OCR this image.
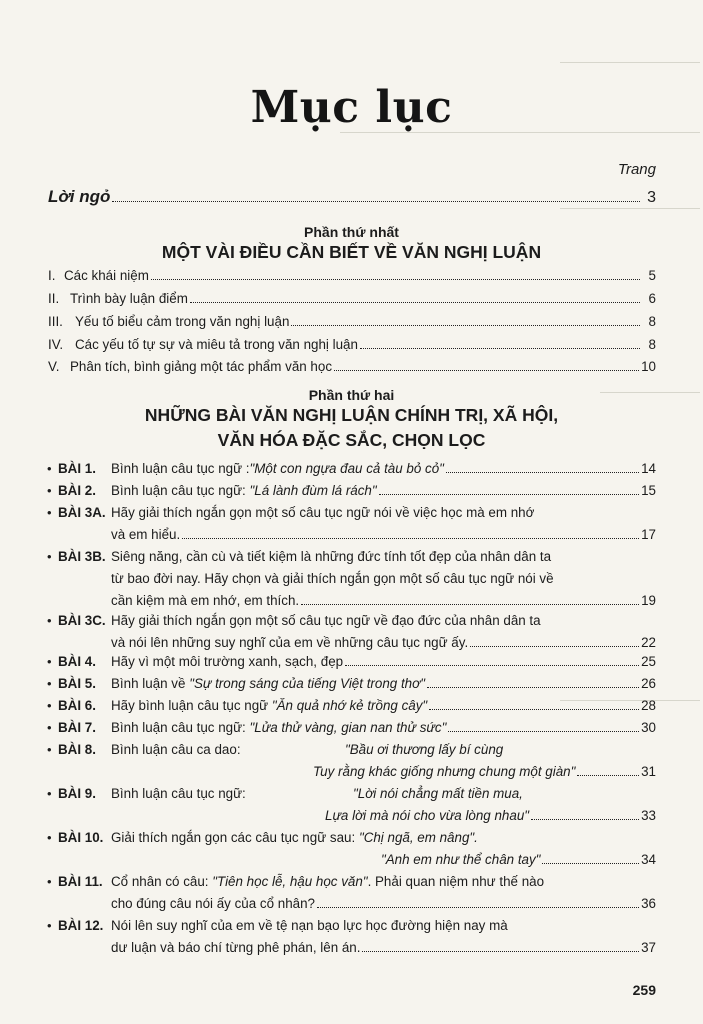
Mục lục
Trang
Lời ngỏ	3
Phần thứ nhất
MỘT VÀI ĐIỀU CẦN BIẾT VỀ VĂN NGHỊ LUẬN
I. Các khái niệm	5
II. Trình bày luận điểm	6
III. Yếu tố biểu cảm trong văn nghị luận	8
IV. Các yếu tố tự sự và miêu tả trong văn nghị luận	8
V. Phân tích, bình giảng một tác phẩm văn học	10
Phần thứ hai
NHỮNG BÀI VĂN NGHỊ LUẬN CHÍNH TRỊ, XÃ HỘI,
VĂN HÓA ĐẶC SẮC, CHỌN LỌC
• BÀI 1. Bình luận câu tục ngữ : "Một con ngựa đau cả tàu bỏ cỏ"	14
• BÀI 2. Bình luận câu tục ngữ:
"Lá lành đùm lá rách"	15
• BÀI 3A. Hãy giải thích ngắn gọn một số câu tục ngữ nói về việc học mà em nhớ
và em hiểu.	17
• BÀI 3B. Siêng năng, cần cù và tiết kiệm là những đức tính tốt đẹp của nhân dân ta
từ bao đời nay. Hãy chọn và giải thích ngắn gọn một số câu tục ngữ nói về
cần kiệm mà em nhớ, em thích.	19
• BÀI 3C. Hãy giải thích ngắn gọn một số câu tục ngữ về đạo đức của nhân dân ta
và nói lên những suy nghĩ của em về những câu tục ngữ ấy.	22
• BÀI 4. Hãy vì một môi trường xanh, sạch, đẹp	25
• BÀI 5. Bình luận về
"Sự trong sáng của tiếng Việt trong thơ"	26
• BÀI 6. Hãy bình luận câu tục ngữ
"Ăn quả nhớ kẻ trồng cây"	28
• BÀI 7. Bình luận câu tục ngữ:
"Lửa thử vàng, gian nan thử sức"	30
• BÀI 8. Bình luận câu ca dao:	"Bầu ơi thương lấy bí cùng
Tuy rằng khác giống nhưng chung một giàn"	31
• BÀI 9. Bình luận câu tục ngữ:	"Lời nói chẳng mất tiền mua,
Lựa lời mà nói cho vừa lòng nhau"	33
• BÀI 10. Giải thích ngắn gọn các câu tục ngữ sau: "Chị ngã, em nâng".
"Anh em như thể chân tay"	34
• BÀI 11. Cổ nhân có câu: "Tiên học lễ, hậu học văn". Phải quan niệm như thế nào
cho đúng câu nói ấy của cổ nhân?	36
• BÀI 12. Nói lên suy nghĩ của em về tệ nạn bạo lực học đường hiện nay mà
dư luận và báo chí từng phê phán, lên án.	37
259
